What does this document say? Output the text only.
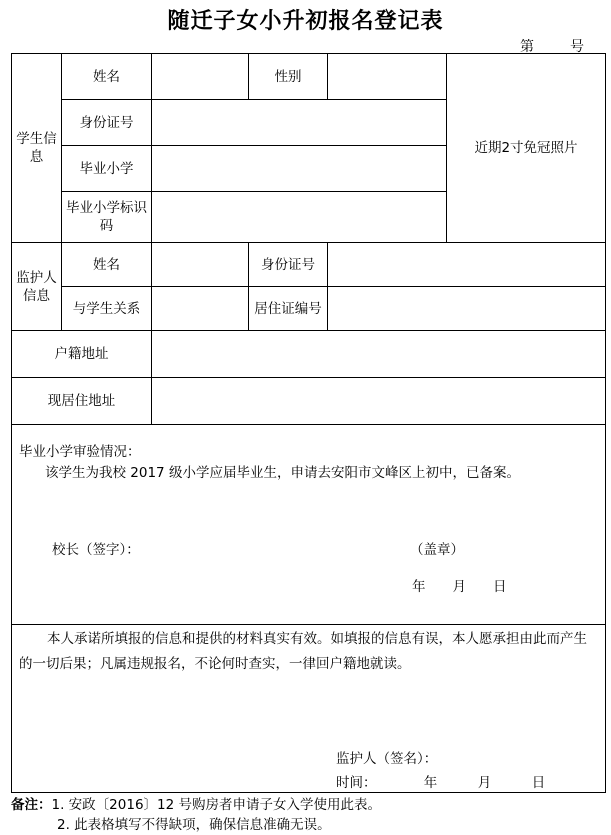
随迁子女小升初报名登记表
第	号
学生信息	姓名		性别		近期2寸免冠照片
	身份证号				
	毕业小学				
	毕业小学标识码				
监护人信息	姓名		身份证号		
	与学生关系		居住证编号		
户籍地址					
现居住地址					

毕业小学审验情况：
该学生为我校 2017 级小学应届毕业生，申请去安阳市文峰区上初中，已备案。
校长（签字）： （盖章）
年　　月　　日					

本人承诺所填报的信息和提供的材料真实有效。如填报的信息有误，本人愿承担由此而产生的一切后果；凡属违规报名，不论何时查实，一律回户籍地就读。
监护人（签名）：
时间：　　　　年　　　月　　　日					
备注：1. 安政〔2016〕12 号购房者申请子女入学使用此表。
2. 此表格填写不得缺项，确保信息准确无误。
